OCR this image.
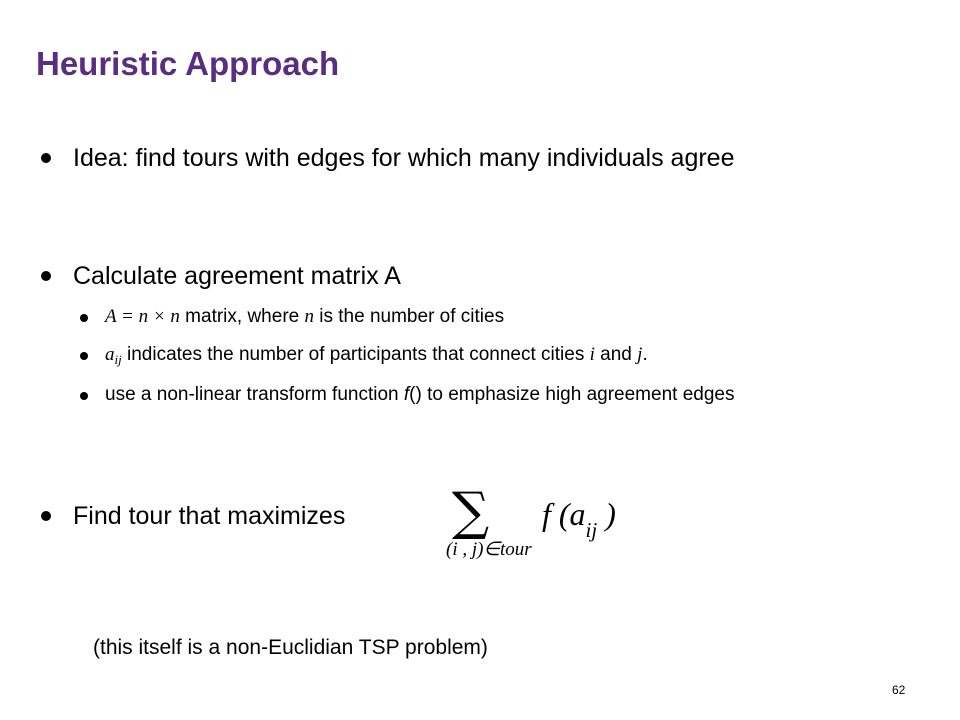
Heuristic Approach
Idea: find tours with edges for which many individuals agree
Calculate agreement matrix A
A = n × n matrix, where n is the number of cities
$a_{ij}$ indicates the number of participants that connect cities i and j.
use a non-linear transform function f() to emphasize high agreement edges
Find tour that maximizes	∑ f ($a_{ij}$ )
(i , j)∈tour
(this itself is a non-Euclidian TSP problem)
62
